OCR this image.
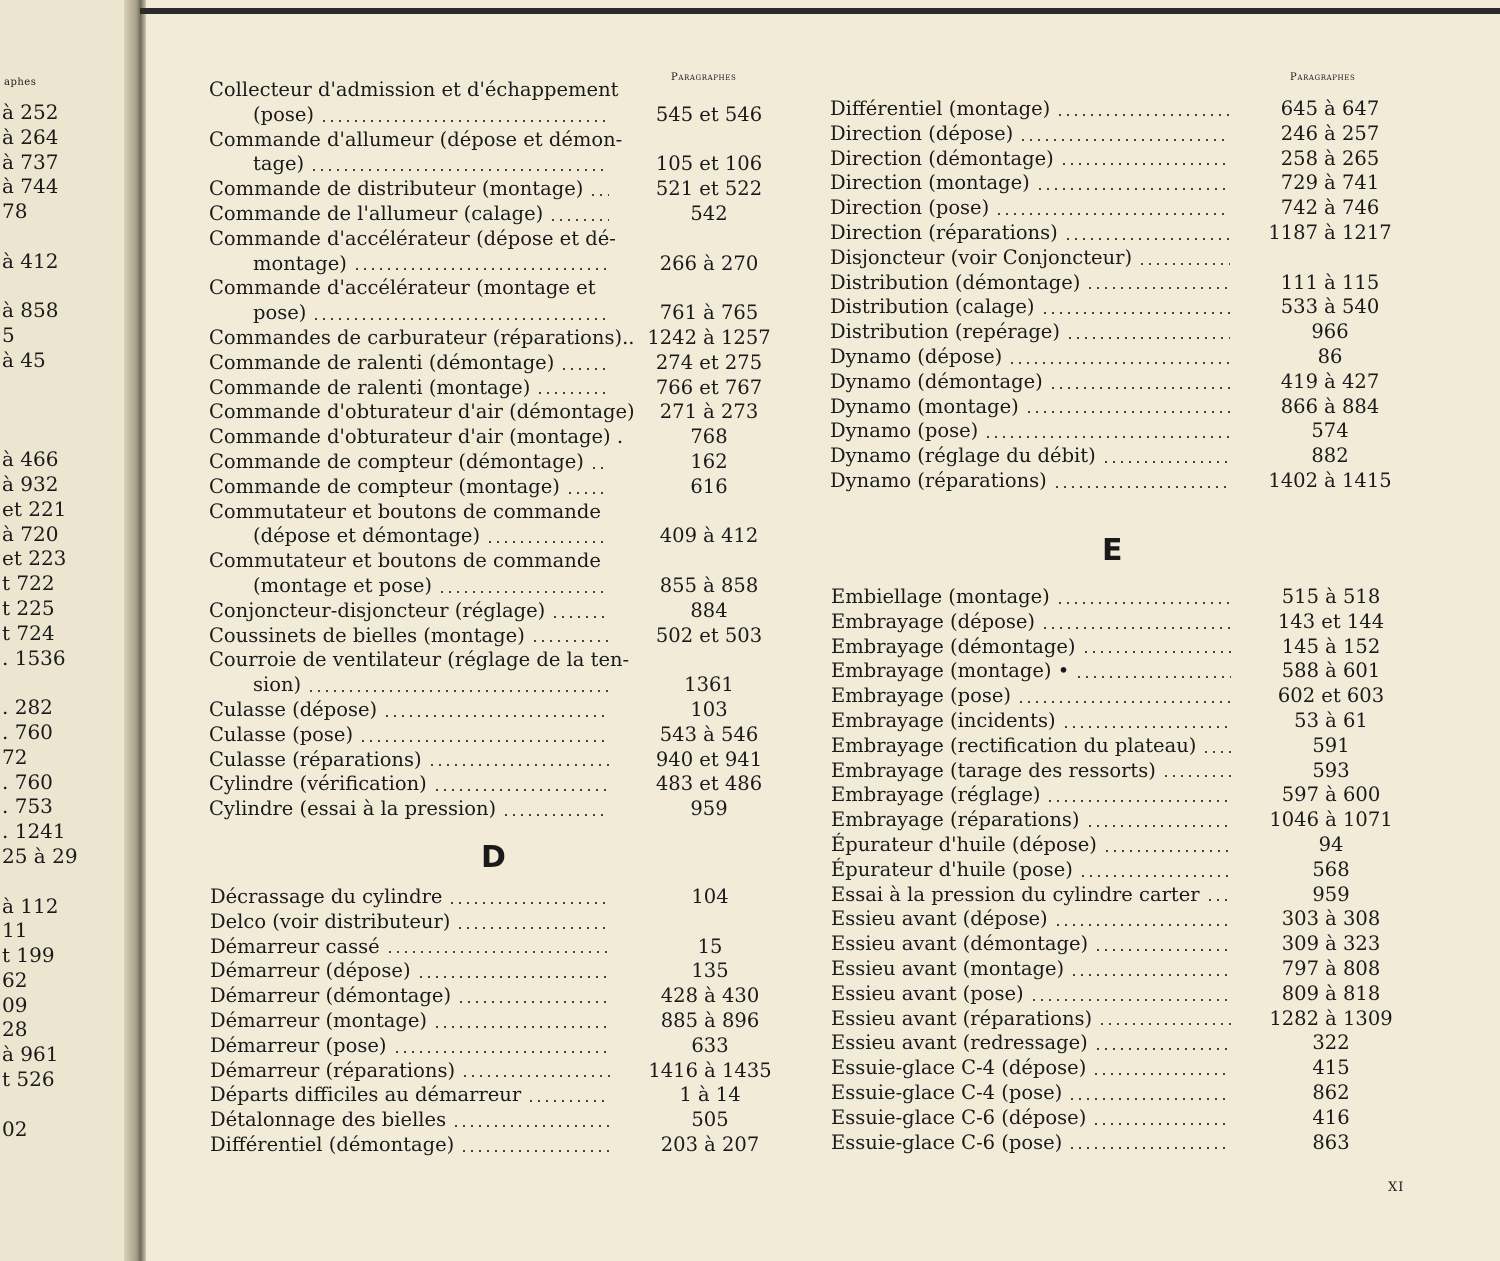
aphes
à 252
à 264
à 737
à 744
78
à 412
à 858
5
à 45
à 466
à 932
et 221
à 720
et 223
t 722
t 225
t 724
. 1536
. 282
. 760
72
. 760
. 753
. 1241
25 à 29
à 112
11
t 199
62
09
28
à 961
t 526
02
Paragraphes	Paragraphes
Collecteur d'admission et d'échappement
(pose)	545 et 546
Commande d'allumeur (dépose et démon-
tage)	105 et 106
Commande de distributeur (montage)	521 et 522
Commande de l'allumeur (calage)	542
Commande d'accélérateur (dépose et dé-
montage)	266 à 270
Commande d'accélérateur (montage et
pose)	761 à 765
Commandes de carburateur (réparations).. 1242 à 1257
Commande de ralenti (démontage)	274 et 275
Commande de ralenti (montage)	766 et 767
Commande d'obturateur d'air (démontage)	271 à 273
Commande d'obturateur d'air (montage) .	768
Commande de compteur (démontage)	162
Commande de compteur (montage)	616
Commutateur et boutons de commande
(dépose et démontage)	409 à 412
Commutateur et boutons de commande
(montage et pose)	855 à 858
Conjoncteur-disjoncteur (réglage)	884
Coussinets de bielles (montage)	502 et 503
Courroie de ventilateur (réglage de la ten-
sion)	1361
Culasse (dépose)	103
Culasse (pose)	543 à 546
Culasse (réparations)	940 et 941
Cylindre (vérification)	483 et 486
Cylindre (essai à la pression)	959
D
Décrassage du cylindre	104
Delco (voir distributeur)
Démarreur cassé	15
Démarreur (dépose)	135
Démarreur (démontage)	428 à 430
Démarreur (montage)	885 à 896
Démarreur (pose)	633
Démarreur (réparations)	1416 à 1435
Départs difficiles au démarreur	1 à 14
Détalonnage des bielles	505
Différentiel (démontage)	203 à 207
Différentiel (montage)	645 à 647
Direction (dépose)	246 à 257
Direction (démontage)	258 à 265
Direction (montage)	729 à 741
Direction (pose)	742 à 746
Direction (réparations)	1187 à 1217
Disjoncteur (voir Conjoncteur)
Distribution (démontage)	111 à 115
Distribution (calage)	533 à 540
Distribution (repérage)	966
Dynamo (dépose)	86
Dynamo (démontage)	419 à 427
Dynamo (montage)	866 à 884
Dynamo (pose)	574
Dynamo (réglage du débit)	882
Dynamo (réparations)	1402 à 1415
E
Embiellage (montage)	515 à 518
Embrayage (dépose)	143 et 144
Embrayage (démontage)	145 à 152
Embrayage (montage) •	588 à 601
Embrayage (pose)	602 et 603
Embrayage (incidents)	53 à 61
Embrayage (rectification du plateau)	591
Embrayage (tarage des ressorts)	593
Embrayage (réglage)	597 à 600
Embrayage (réparations)	1046 à 1071
Épurateur d'huile (dépose)	94
Épurateur d'huile (pose)	568
Essai à la pression du cylindre carter	959
Essieu avant (dépose)	303 à 308
Essieu avant (démontage)	309 à 323
Essieu avant (montage)	797 à 808
Essieu avant (pose)	809 à 818
Essieu avant (réparations)	1282 à 1309
Essieu avant (redressage)	322
Essuie-glace C-4 (dépose)	415
Essuie-glace C-4 (pose)	862
Essuie-glace C-6 (dépose)	416
Essuie-glace C-6 (pose)	863
XI
